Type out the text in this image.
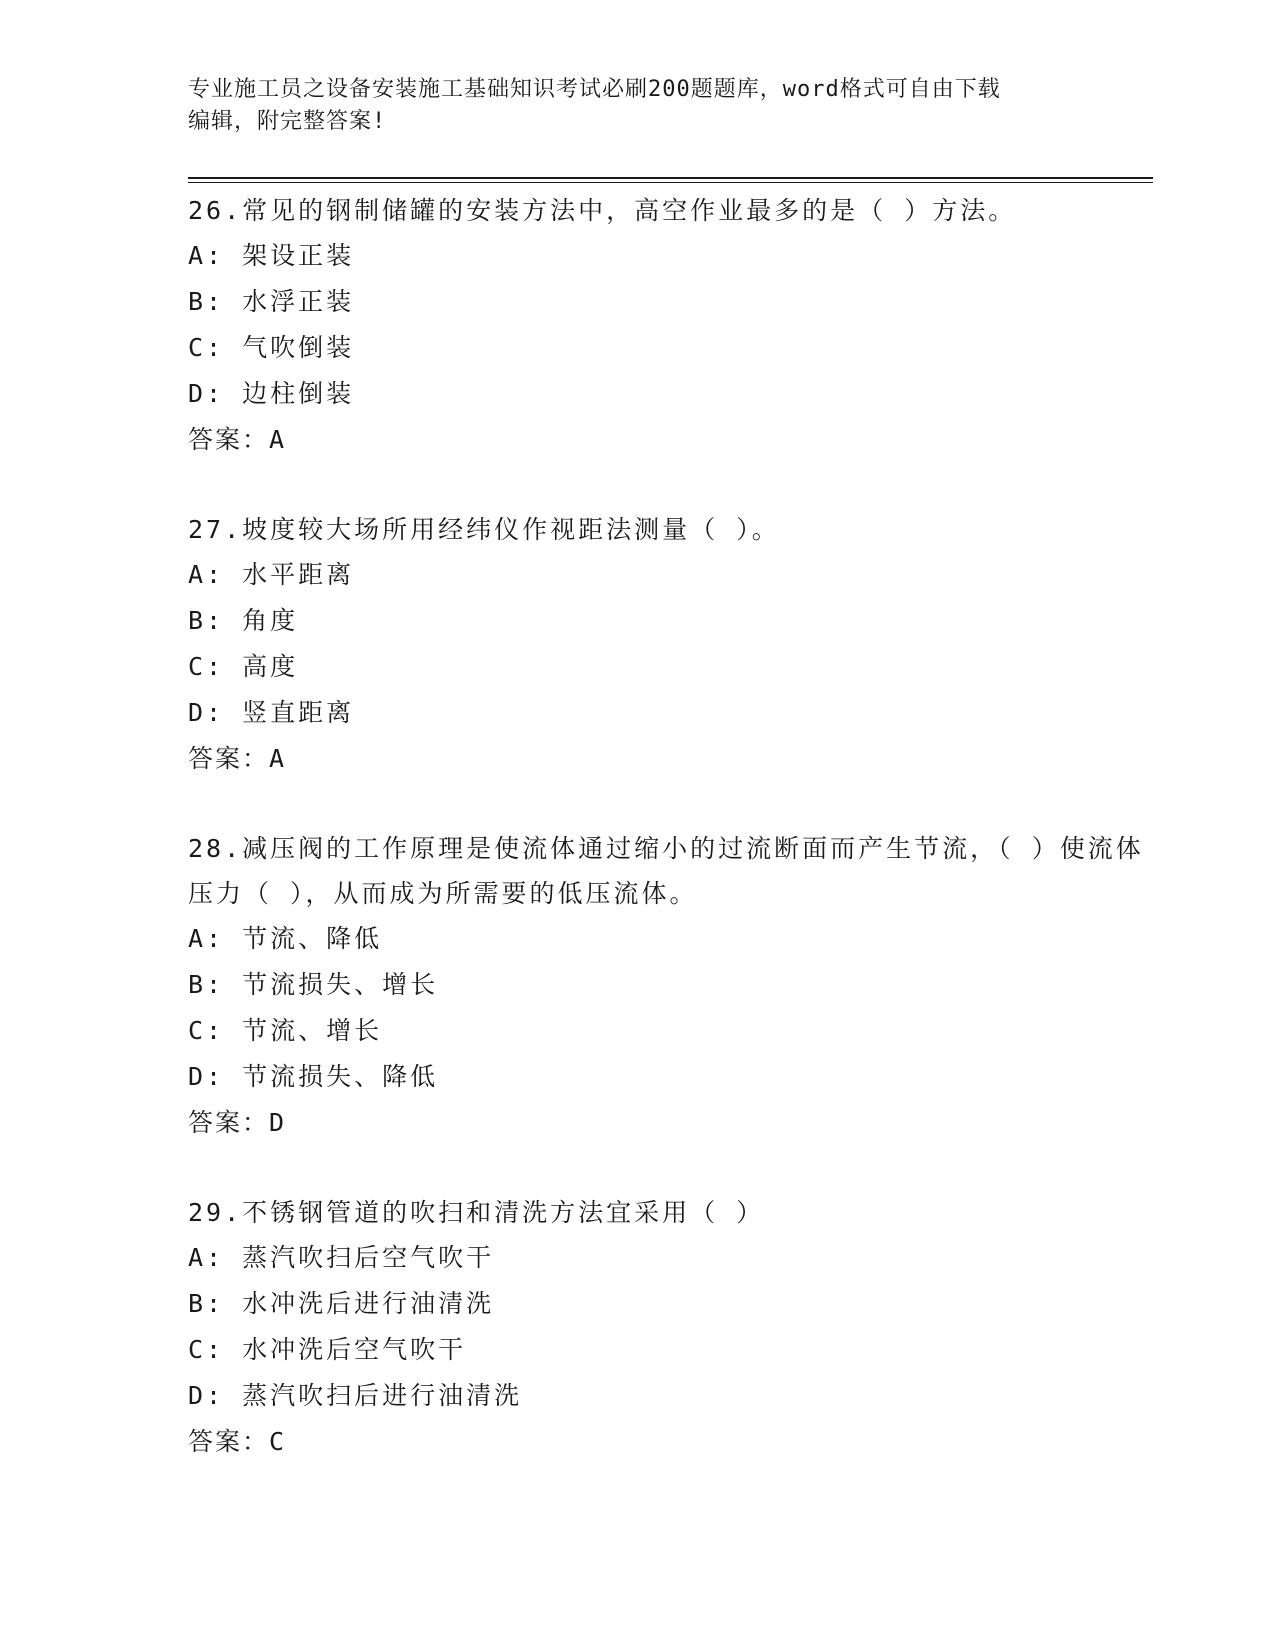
专业施工员之设备安装施工基础知识考试必刷200题题库，word格式可自由下载
编辑，附完整答案!
26.常见的钢制储罐的安装方法中，高空作业最多的是（ ）方法。
A: 架设正装
B: 水浮正装
C: 气吹倒装
D: 边柱倒装
答案：A
27.坡度较大场所用经纬仪作视距法测量（ ）。
A: 水平距离
B: 角度
C: 高度
D: 竖直距离
答案：A
28.减压阀的工作原理是使流体通过缩小的过流断面而产生节流，（ ）使流体压力（ ），从而成为所需要的低压流体。
A: 节流、降低
B: 节流损失、增长
C: 节流、增长
D: 节流损失、降低
答案：D
29.不锈钢管道的吹扫和清洗方法宜采用（ ）
A: 蒸汽吹扫后空气吹干
B: 水冲洗后进行油清洗
C: 水冲洗后空气吹干
D: 蒸汽吹扫后进行油清洗
答案：C
